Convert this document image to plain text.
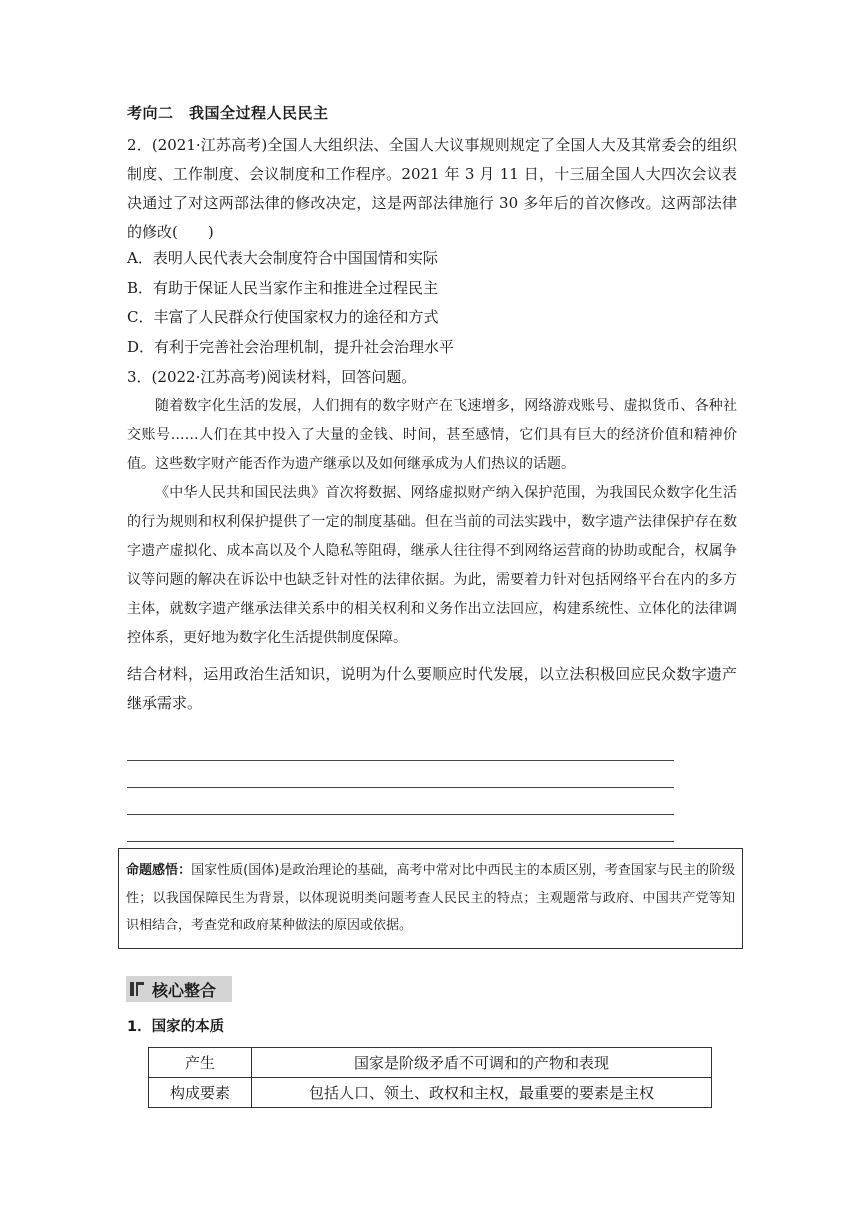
考向二　我国全过程人民民主
2．(2021·江苏高考)全国人大组织法、全国人大议事规则规定了全国人大及其常委会的组织制度、工作制度、会议制度和工作程序。2021 年 3 月 11 日，十三届全国人大四次会议表决通过了对这两部法律的修改决定，这是两部法律施行 30 多年后的首次修改。这两部法律的修改(　　)
A．表明人民代表大会制度符合中国国情和实际
B．有助于保证人民当家作主和推进全过程民主
C．丰富了人民群众行使国家权力的途径和方式
D．有利于完善社会治理机制，提升社会治理水平
3．(2022·江苏高考)阅读材料，回答问题。

随着数字化生活的发展，人们拥有的数字财产在飞速增多，网络游戏账号、虚拟货币、各种社交账号……人们在其中投入了大量的金钱、时间，甚至感情，它们具有巨大的经济价值和精神价值。这些数字财产能否作为遗产继承以及如何继承成为人们热议的话题。

《中华人民共和国民法典》首次将数据、网络虚拟财产纳入保护范围，为我国民众数字化生活的行为规则和权利保护提供了一定的制度基础。但在当前的司法实践中，数字遗产法律保护存在数字遗产虚拟化、成本高以及个人隐私等阻碍，继承人往往得不到网络运营商的协助或配合，权属争议等问题的解决在诉讼中也缺乏针对性的法律依据。为此，需要着力针对包括网络平台在内的多方主体，就数字遗产继承法律关系中的相关权利和义务作出立法回应，构建系统性、立体化的法律调控体系，更好地为数字化生活提供制度保障。

结合材料，运用政治生活知识，说明为什么要顺应时代发展，以立法积极回应民众数字遗产继承需求。
命题感悟：国家性质(国体)是政治理论的基础，高考中常对比中西民主的本质区别，考查国家与民主的阶级性；以我国保障民生为背景，以体现说明类问题考查人民民主的特点；主观题常与政府、中国共产党等知识相结合，考查党和政府某种做法的原因或依据。
核心整合
1．国家的本质
产生	国家是阶级矛盾不可调和的产物和表现
构成要素	包括人口、领土、政权和主权，最重要的要素是主权
